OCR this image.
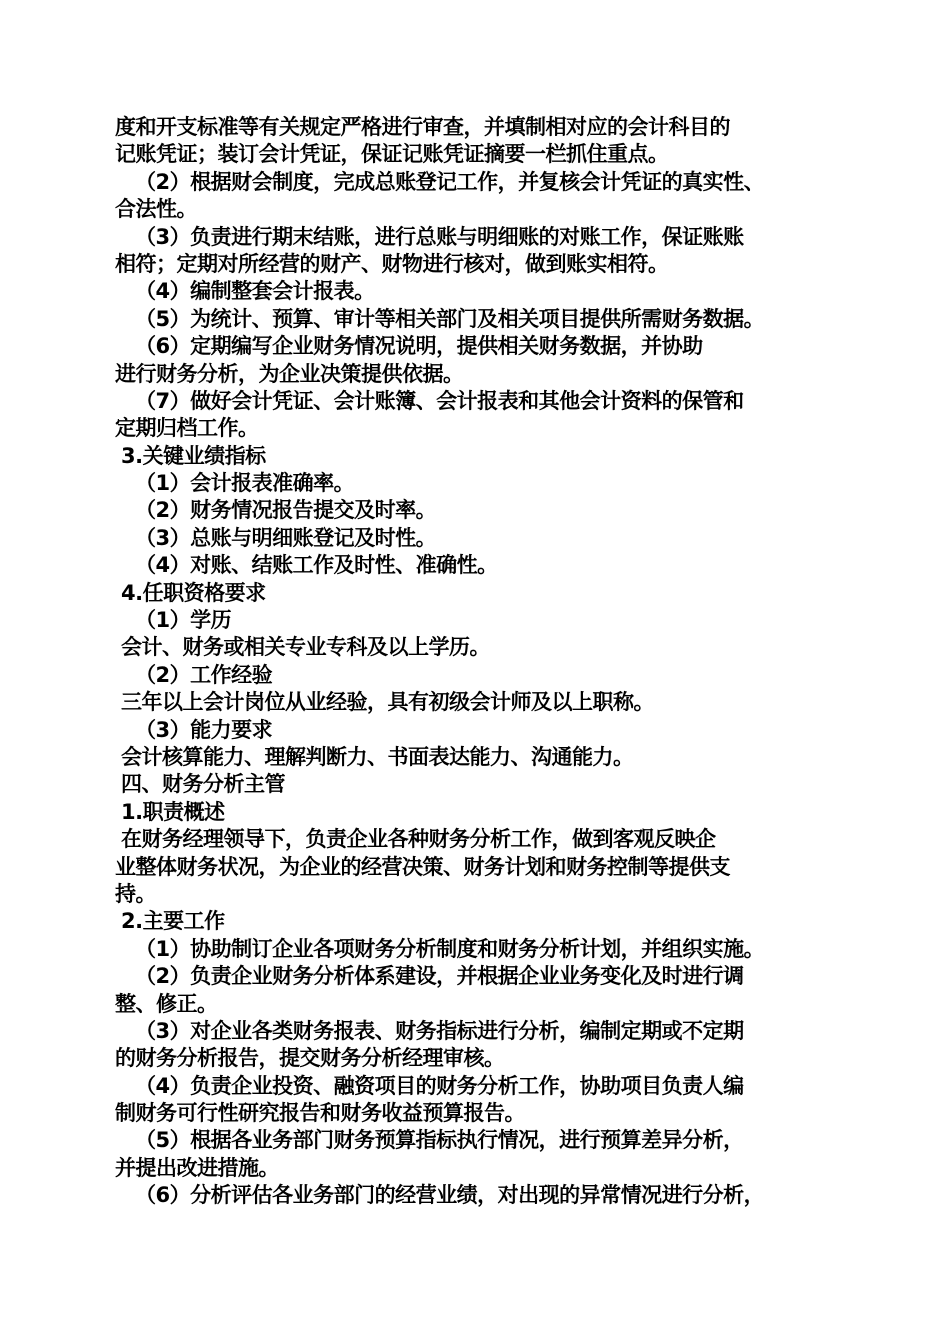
度和开支标准等有关规定严格进行审查，并填制相对应的会计科目的
记账凭证；装订会计凭证，保证记账凭证摘要一栏抓住重点。
（2）根据财会制度，完成总账登记工作，并复核会计凭证的真实性、
合法性。
（3）负责进行期末结账，进行总账与明细账的对账工作，保证账账
相符；定期对所经营的财产、财物进行核对，做到账实相符。
（4）编制整套会计报表。
（5）为统计、预算、审计等相关部门及相关项目提供所需财务数据。
（6）定期编写企业财务情况说明，提供相关财务数据，并协助
进行财务分析，为企业决策提供依据。
（7）做好会计凭证、会计账簿、会计报表和其他会计资料的保管和
定期归档工作。
3.关键业绩指标
（1）会计报表准确率。
（2）财务情况报告提交及时率。
（3）总账与明细账登记及时性。
（4）对账、结账工作及时性、准确性。
4.任职资格要求
（1）学历
会计、财务或相关专业专科及以上学历。
（2）工作经验
三年以上会计岗位从业经验，具有初级会计师及以上职称。
（3）能力要求
会计核算能力、理解判断力、书面表达能力、沟通能力。
四、财务分析主管
1.职责概述
在财务经理领导下，负责企业各种财务分析工作，做到客观反映企
业整体财务状况，为企业的经营决策、财务计划和财务控制等提供支
持。
2.主要工作
（1）协助制订企业各项财务分析制度和财务分析计划，并组织实施。
（2）负责企业财务分析体系建设，并根据企业业务变化及时进行调
整、修正。
（3）对企业各类财务报表、财务指标进行分析，编制定期或不定期
的财务分析报告，提交财务分析经理审核。
（4）负责企业投资、融资项目的财务分析工作，协助项目负责人编
制财务可行性研究报告和财务收益预算报告。
（5）根据各业务部门财务预算指标执行情况，进行预算差异分析，
并提出改进措施。
（6）分析评估各业务部门的经营业绩，对出现的异常情况进行分析，
